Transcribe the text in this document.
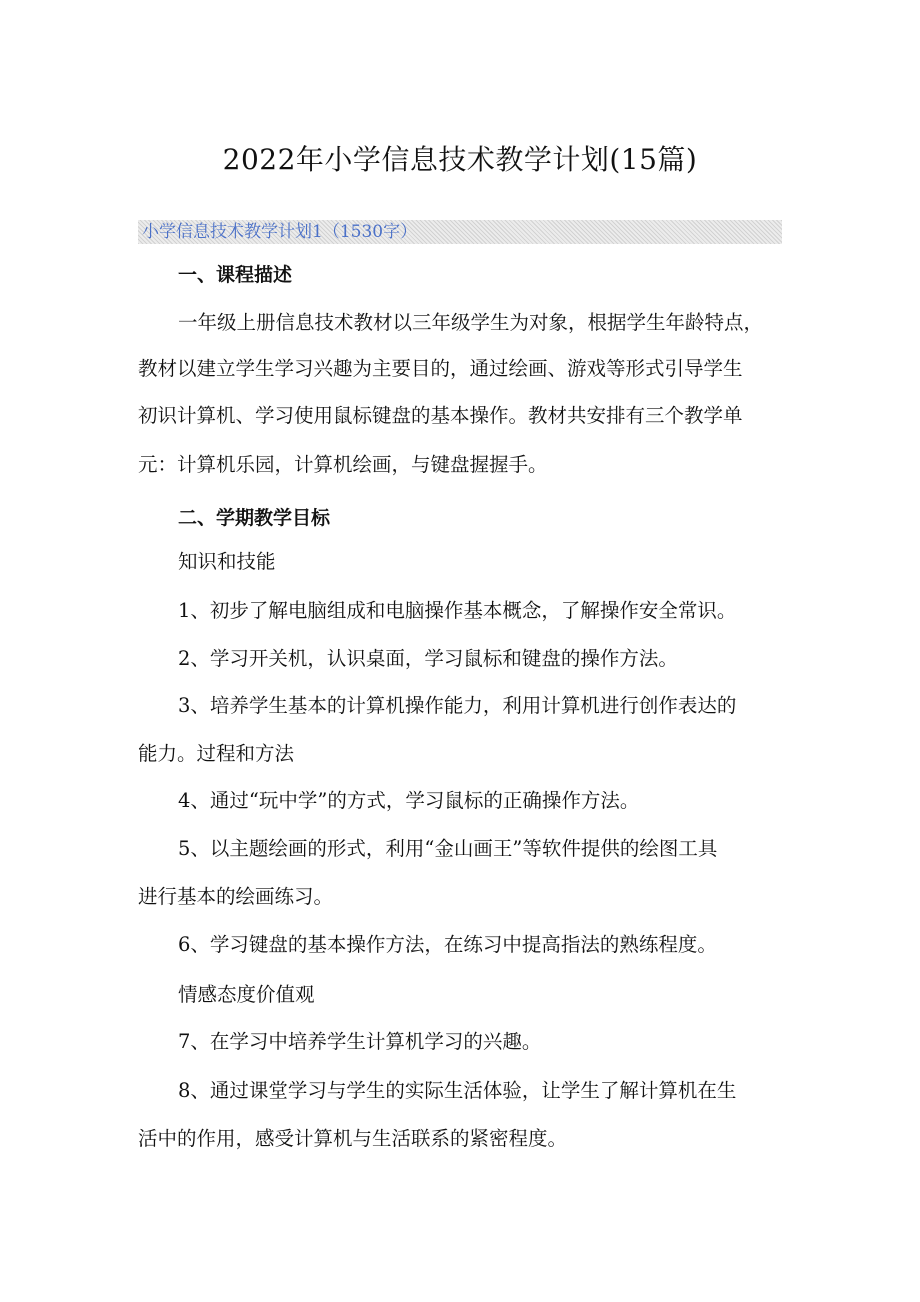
2022年小学信息技术教学计划(15篇)
小学信息技术教学计划1（1530字）
一、课程描述
一年级上册信息技术教材以三年级学生为对象，根据学生年龄特点，
教材以建立学生学习兴趣为主要目的，通过绘画、游戏等形式引导学生
初识计算机、学习使用鼠标键盘的基本操作。教材共安排有三个教学单
元：计算机乐园，计算机绘画，与键盘握握手。
二、学期教学目标
知识和技能
1、初步了解电脑组成和电脑操作基本概念，了解操作安全常识。
2、学习开关机，认识桌面，学习鼠标和键盘的操作方法。
3、培养学生基本的计算机操作能力，利用计算机进行创作表达的
能力。过程和方法
4、通过“玩中学”的方式，学习鼠标的正确操作方法。
5、以主题绘画的形式，利用“金山画王”等软件提供的绘图工具
进行基本的绘画练习。
6、学习键盘的基本操作方法，在练习中提高指法的熟练程度。
情感态度价值观
7、在学习中培养学生计算机学习的兴趣。
8、通过课堂学习与学生的实际生活体验，让学生了解计算机在生
活中的作用，感受计算机与生活联系的紧密程度。
